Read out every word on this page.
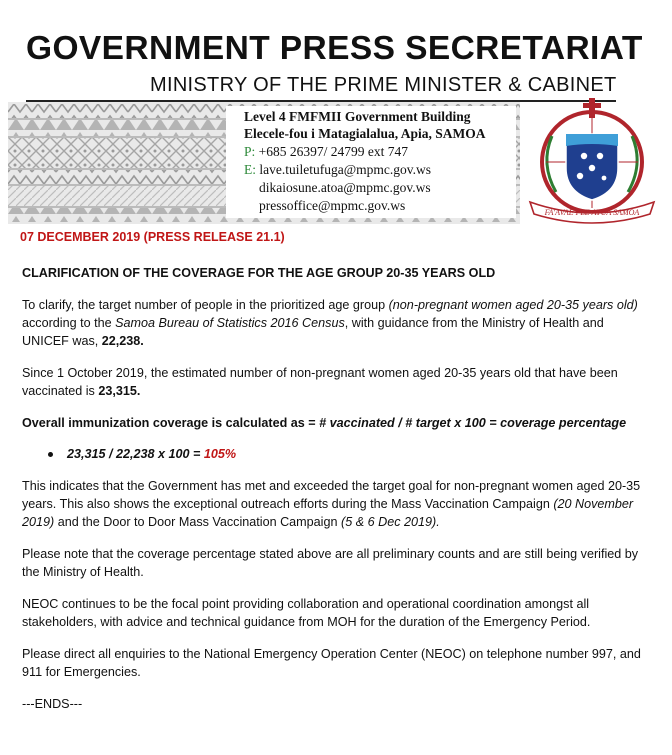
GOVERNMENT PRESS SECRETARIAT

MINISTRY OF THE PRIME MINISTER & CABINET

Level 4 FMFMII Government Building

Elecele-fou i Matagialalua, Apia, SAMOA

P: +685 26397/ 24799 ext 747

E: lave.tuiletufuga@mpmc.gov.ws

dikaiosune.atoa@mpmc.gov.ws

pressoffice@mpmc.gov.ws	FA'AVAE I LE ATUA SAMOA

07 DECEMBER 2019 (PRESS RELEASE 21.1)

CLARIFICATION OF THE COVERAGE FOR THE AGE GROUP 20-35 YEARS OLD

To clarify, the target number of people in the prioritized age group (non-pregnant women aged 20-35 years old) according to the Samoa Bureau of Statistics 2016 Census, with guidance from the Ministry of Health and UNICEF was, 22,238.

Since 1 October 2019, the estimated number of non-pregnant women aged 20-35 years old that have been vaccinated is 23,315.

Overall immunization coverage is calculated as = # vaccinated / # target x 100 = coverage percentage

23,315 / 22,238 x 100 = 105%

This indicates that the Government has met and exceeded the target goal for non-pregnant women aged 20-35 years. This also shows the exceptional outreach efforts during the Mass Vaccination Campaign (20 November 2019) and the Door to Door Mass Vaccination Campaign (5 & 6 Dec 2019).

Please note that the coverage percentage stated above are all preliminary counts and are still being verified by the Ministry of Health.

NEOC continues to be the focal point providing collaboration and operational coordination amongst all stakeholders, with advice and technical guidance from MOH for the duration of the Emergency Period.

Please direct all enquiries to the National Emergency Operation Center (NEOC) on telephone number 997, and 911 for Emergencies.

---ENDS---
